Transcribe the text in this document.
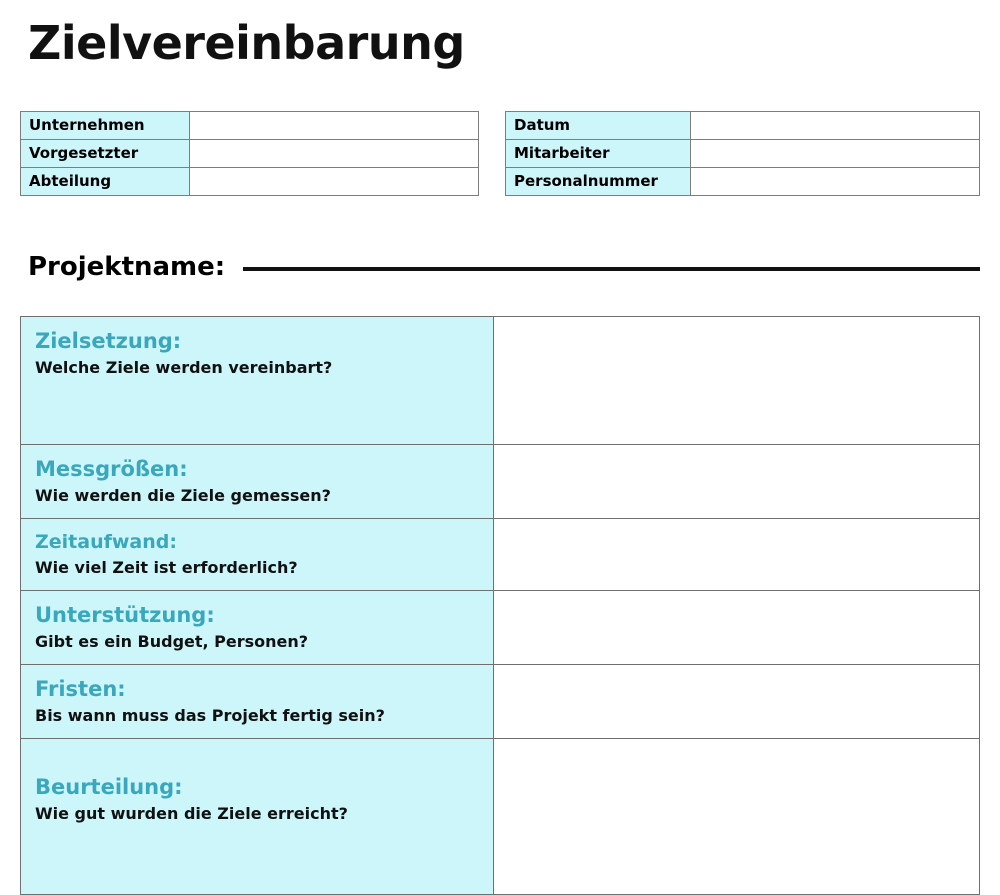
Zielvereinbarung
Unternehmen			Datum	
Vorgesetzter			Mitarbeiter	
Abteilung			Personalnummer	
Projektname:
Zielsetzung:
Welche Ziele werden vereinbart?	

Messgrößen:
Wie werden die Ziele gemessen?	

Zeitaufwand:
Wie viel Zeit ist erforderlich?	

Unterstützung:
Gibt es ein Budget, Personen?	

Fristen:
Bis wann muss das Projekt fertig sein?	

Beurteilung:
Wie gut wurden die Ziele erreicht?	
